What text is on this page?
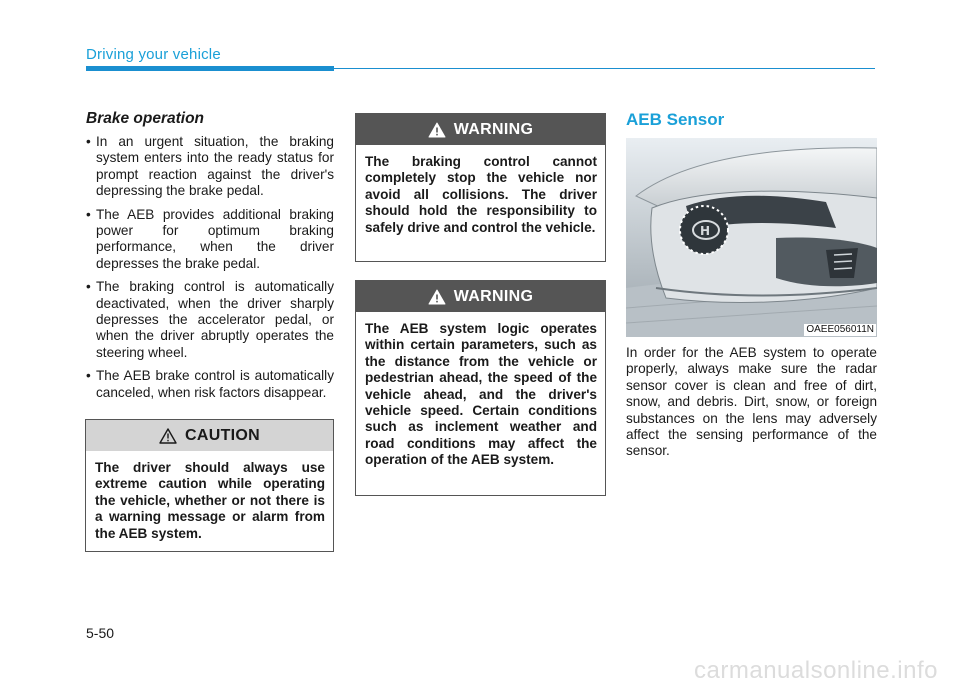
Driving your vehicle
Brake operation
• In an urgent situation, the braking system enters into the ready status for prompt reaction against the driver's depressing the brake pedal.
• The AEB provides additional braking power for optimum braking performance, when the driver depresses the brake pedal.
• The braking control is automatically deactivated, when the driver sharply depresses the accelerator pedal, or when the driver abruptly operates the steering wheel.
• The AEB brake control is automatically canceled, when risk factors disappear.
CAUTION
The driver should always use extreme caution while operating the vehicle, whether or not there is a warning message or alarm from the AEB system.
WARNING
The braking control cannot completely stop the vehicle nor avoid all collisions. The driver should hold the responsibility to safely drive and control the vehicle.
WARNING
The AEB system logic operates within certain parameters, such as the distance from the vehicle or pedestrian ahead, the speed of the vehicle ahead, and the driver's vehicle speed. Certain conditions such as inclement weather and road conditions may affect the operation of the AEB system.
AEB Sensor
H
OAEE056011N
In order for the AEB system to operate properly, always make sure the radar sensor cover is clean and free of dirt, snow, and debris. Dirt, snow, or foreign substances on the lens may adversely affect the sensing performance of the sensor.
5-50
carmanualsonline.info
